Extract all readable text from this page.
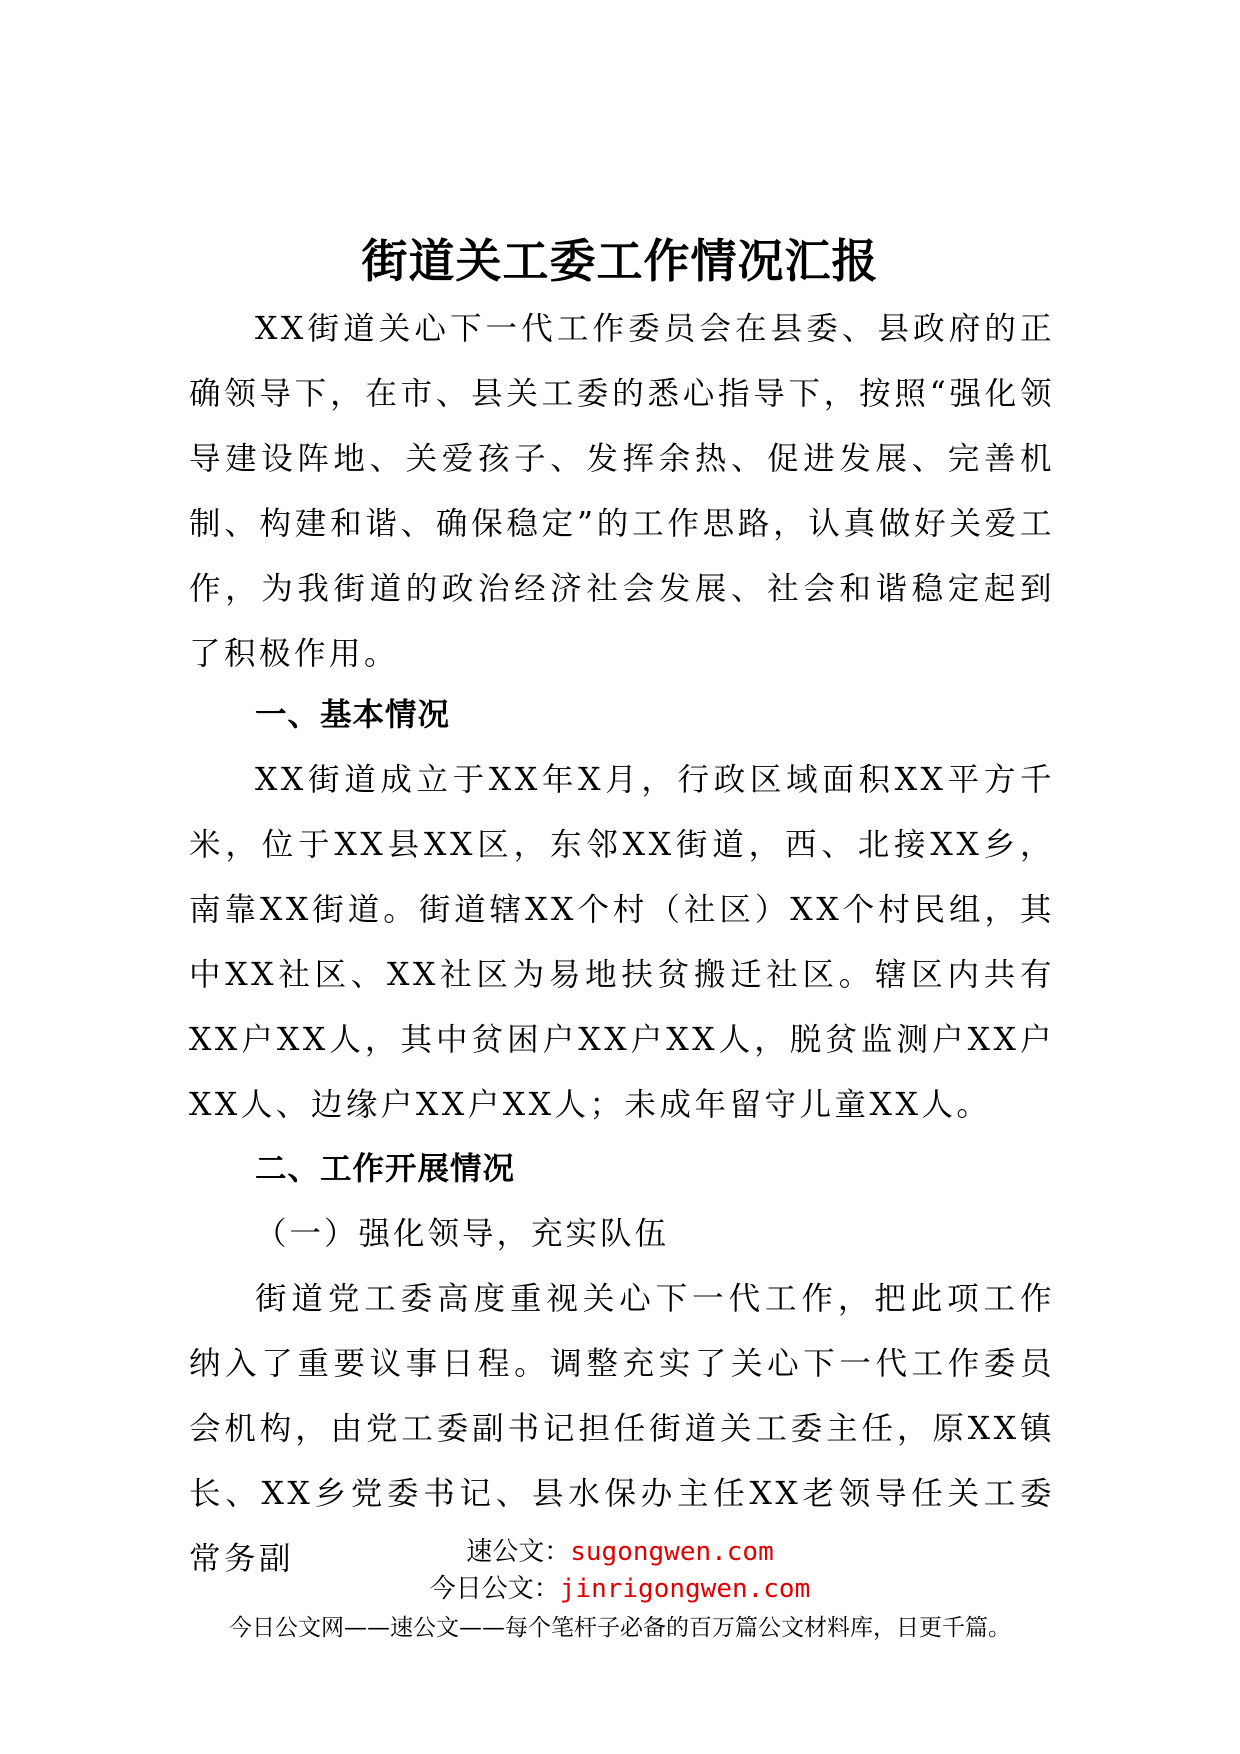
街道关工委工作情况汇报

XX街道关心下一代工作委员会在县委、县政府的正确领导下，在市、县关工委的悉心指导下，按照“强化领导建设阵地、关爱孩子、发挥余热、促进发展、完善机制、构建和谐、确保稳定”的工作思路，认真做好关爱工作，为我街道的政治经济社会发展、社会和谐稳定起到了积极作用。

一、基本情况

XX街道成立于XX年X月，行政区域面积XX平方千米，位于XX县XX区，东邻XX街道，西、北接XX乡，南靠XX街道。街道辖XX个村（社区）XX个村民组，其中XX社区、XX社区为易地扶贫搬迁社区。辖区内共有XX户XX人，其中贫困户XX户XX人，脱贫监测户XX户XX人、边缘户XX户XX人；未成年留守儿童XX人。

二、工作开展情况

（一）强化领导，充实队伍

街道党工委高度重视关心下一代工作，把此项工作纳入了重要议事日程。调整充实了关心下一代工作委员会机构，由党工委副书记担任街道关工委主任，原XX镇长、XX乡党委书记、县水保办主任XX老领导任关工委常务副	速公文：sugongwen.com
今日公文：jinrigongwen.com
今日公文网——速公文——每个笔杆子必备的百万篇公文材料库，日更千篇。
